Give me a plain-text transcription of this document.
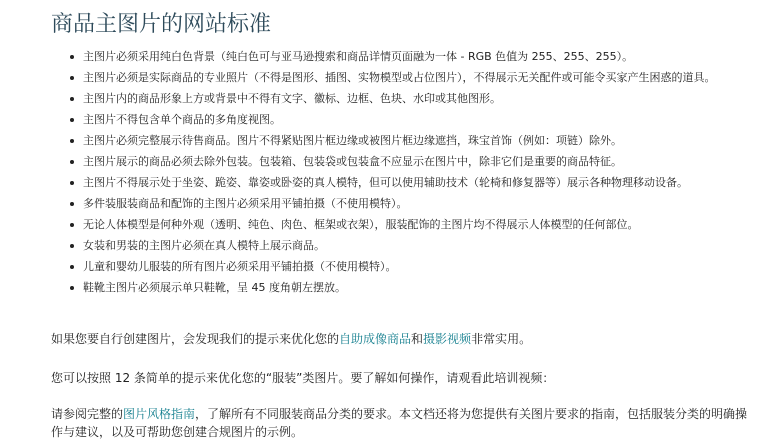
商品主图片的网站标准
主图片必须采用纯白色背景（纯白色可与亚马逊搜索和商品详情页面融为一体 - RGB 色值为 255、255、255）。
主图片必须是实际商品的专业照片（不得是图形、插图、实物模型或占位图片），不得展示无关配件或可能令买家产生困惑的道具。
主图片内的商品形象上方或背景中不得有文字、徽标、边框、色块、水印或其他图形。
主图片不得包含单个商品的多角度视图。
主图片必须完整展示待售商品。图片不得紧贴图片框边缘或被图片框边缘遮挡，珠宝首饰（例如：项链）除外。
主图片展示的商品必须去除外包装。包装箱、包装袋或包装盒不应显示在图片中，除非它们是重要的商品特征。
主图片不得展示处于坐姿、跪姿、靠姿或卧姿的真人模特，但可以使用辅助技术（轮椅和修复器等）展示各种物理移动设备。
多件装服装商品和配饰的主图片必须采用平铺拍摄（不使用模特）。
无论人体模型是何种外观（透明、纯色、肉色、框架或衣架），服装配饰的主图片均不得展示人体模型的任何部位。
女装和男装的主图片必须在真人模特上展示商品。
儿童和婴幼儿服装的所有图片必须采用平铺拍摄（不使用模特）。
鞋靴主图片必须展示单只鞋靴，呈 45 度角朝左摆放。

如果您要自行创建图片，会发现我们的提示来优化您的自助成像商品和摄影视频非常实用。

您可以按照 12 条简单的提示来优化您的“服装”类图片。要了解如何操作，请观看此培训视频：

请参阅完整的图片风格指南，了解所有不同服装商品分类的要求。本文档还将为您提供有关图片要求的指南，包括服装分类的明确操作与建议，以及可帮助您创建合规图片的示例。
